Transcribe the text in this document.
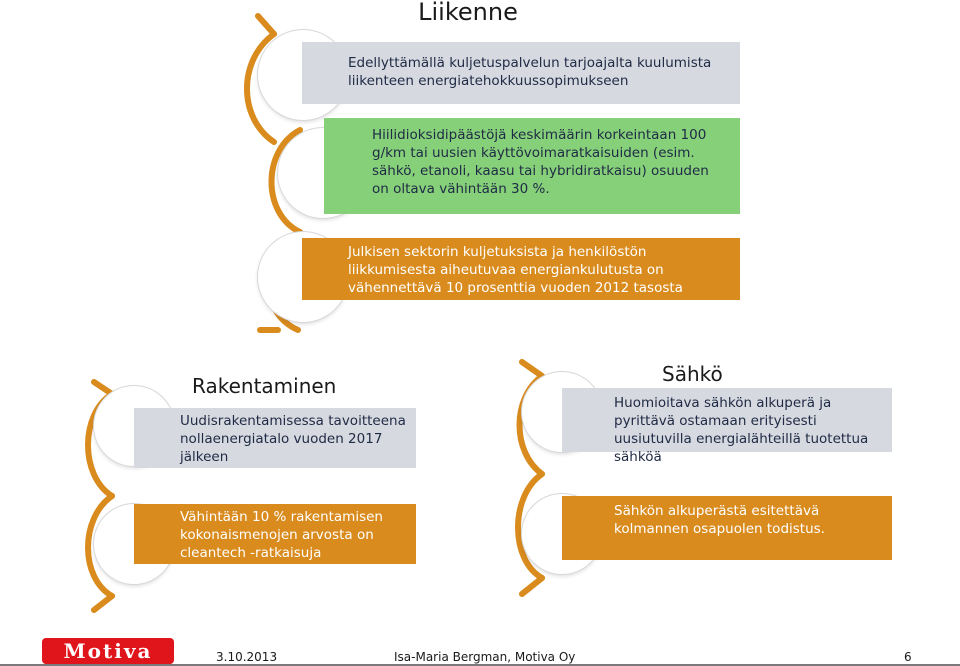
Liikenne
Edellyttämällä kuljetuspalvelun tarjoajalta kuulumista liikenteen energiatehokkuussopimukseen
Hiilidioksidipäästöjä keskimäärin korkeintaan 100 g/km tai uusien käyttövoimaratkaisuiden (esim. sähkö, etanoli, kaasu tai hybridiratkaisu) osuuden on oltava vähintään 30 %.
Julkisen sektorin kuljetuksista ja henkilöstön liikkumisesta aiheutuvaa energiankulutusta on vähennettävä 10 prosenttia vuoden 2012 tasosta vuoteen 2015 mennessä
Rakentaminen
Uudisrakentamisessa tavoitteena nollaenergiatalo vuoden 2017 jälkeen
Vähintään 10 % rakentamisen kokonaismenojen arvosta on cleantech -ratkaisuja
Sähkö
Huomioitava sähkön alkuperä ja pyrittävä ostamaan erityisesti uusiutuvilla energialähteillä tuotettua sähköä
Sähkön alkuperästä esitettävä kolmannen osapuolen todistus.
Motiva	3.10.2013	Isa-Maria Bergman, Motiva Oy	6
